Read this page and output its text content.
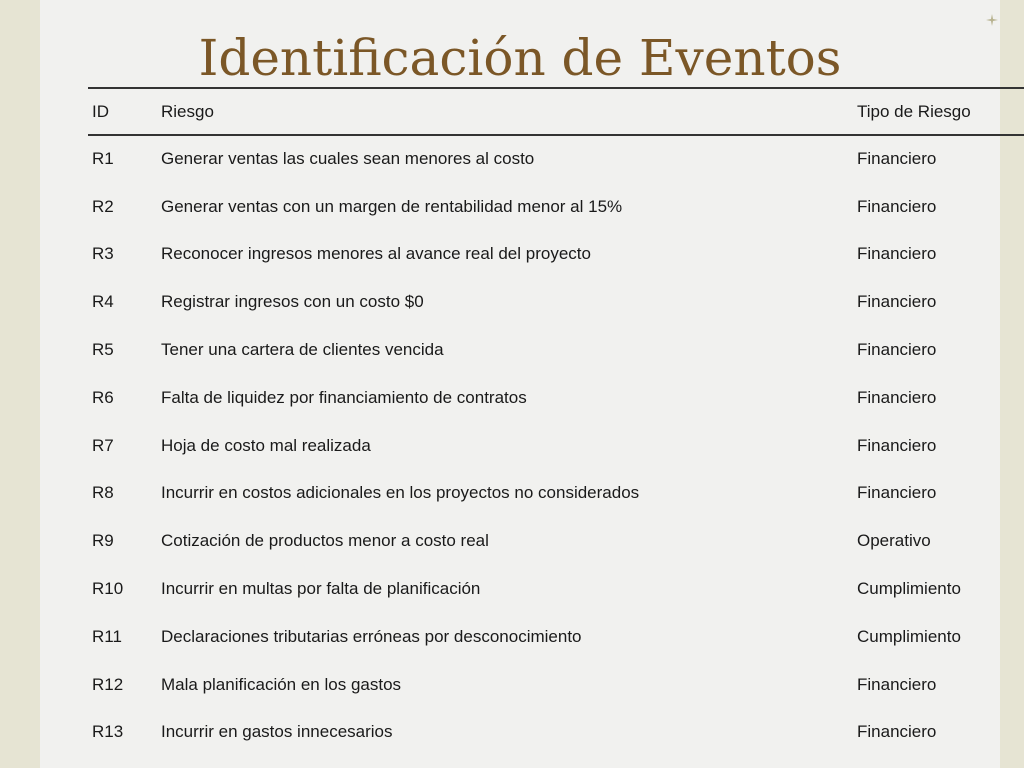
Identificación de Eventos
ID	Riesgo	Tipo de Riesgo
R1	Generar ventas las cuales sean menores al costo	Financiero
R2	Generar ventas con un margen de rentabilidad menor al 15%	Financiero
R3	Reconocer ingresos menores al avance real del proyecto	Financiero
R4	Registrar ingresos con un costo $0	Financiero
R5	Tener una cartera de clientes vencida	Financiero
R6	Falta de liquidez por financiamiento de contratos	Financiero
R7	Hoja de costo mal realizada	Financiero
R8	Incurrir en costos adicionales en los proyectos no considerados	Financiero
R9	Cotización de productos menor a costo real	Operativo
R10	Incurrir en multas por falta de planificación	Cumplimiento
R11	Declaraciones tributarias erróneas por desconocimiento	Cumplimiento
R12	Mala planificación en los gastos	Financiero
R13	Incurrir en gastos innecesarios	Financiero
